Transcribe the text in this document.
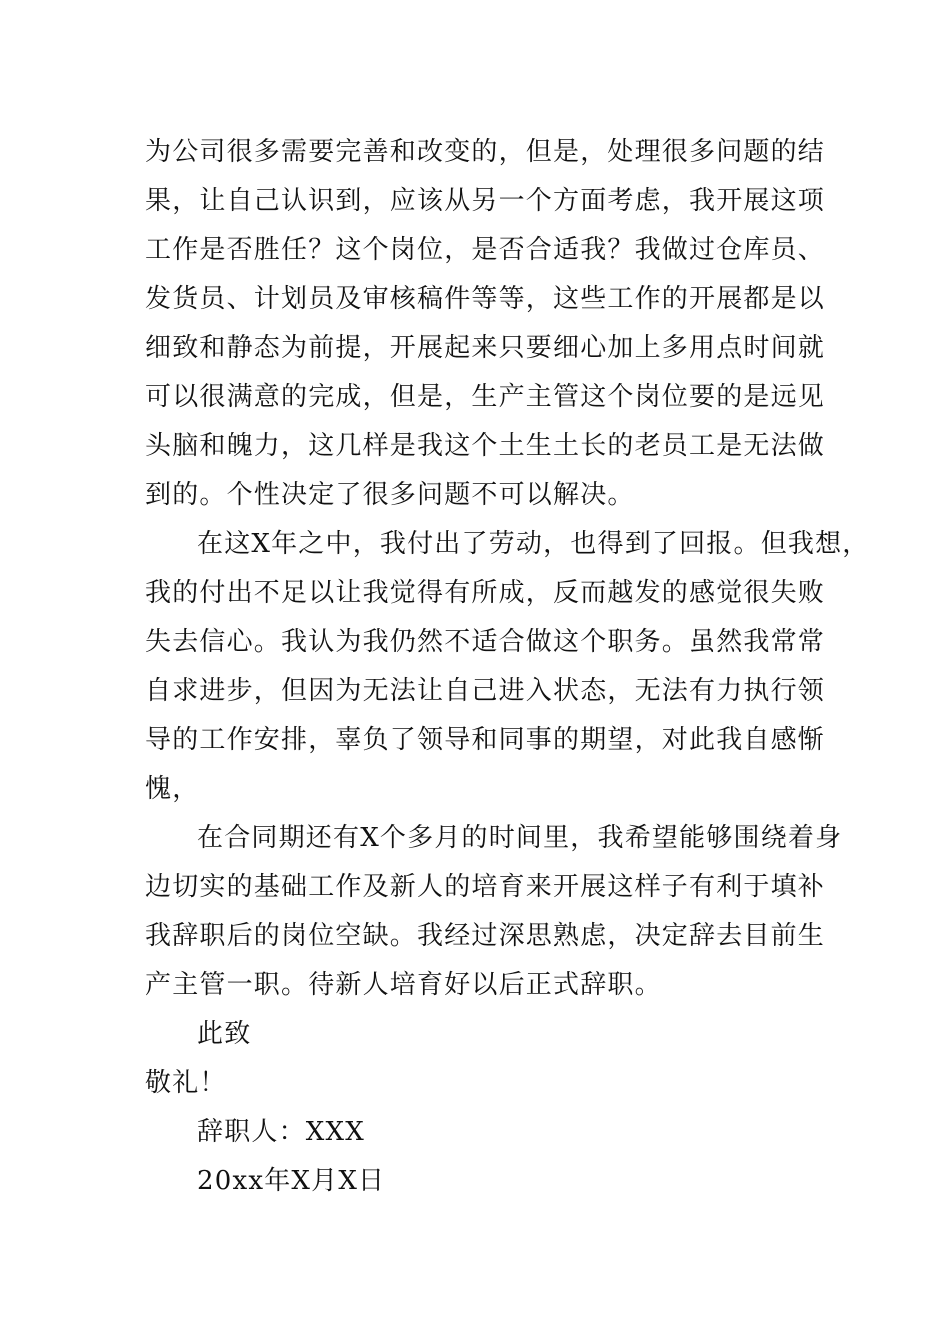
为公司很多需要完善和改变的，但是，处理很多问题的结
果，让自己认识到，应该从另一个方面考虑，我开展这项
工作是否胜任？这个岗位，是否合适我？我做过仓库员、
发货员、计划员及审核稿件等等，这些工作的开展都是以
细致和静态为前提，开展起来只要细心加上多用点时间就
可以很满意的完成，但是，生产主管这个岗位要的是远见
头脑和魄力，这几样是我这个土生土长的老员工是无法做
到的。个性决定了很多问题不可以解决。
在这X年之中，我付出了劳动，也得到了回报。但我想，
我的付出不足以让我觉得有所成，反而越发的感觉很失败
失去信心。我认为我仍然不适合做这个职务。虽然我常常
自求进步，但因为无法让自己进入状态，无法有力执行领
导的工作安排，辜负了领导和同事的期望，对此我自感惭
愧，
在合同期还有X个多月的时间里，我希望能够围绕着身
边切实的基础工作及新人的培育来开展这样子有利于填补
我辞职后的岗位空缺。我经过深思熟虑，决定辞去目前生
产主管一职。待新人培育好以后正式辞职。
此致
敬礼！
辞职人：XXX
20xx年X月X日
